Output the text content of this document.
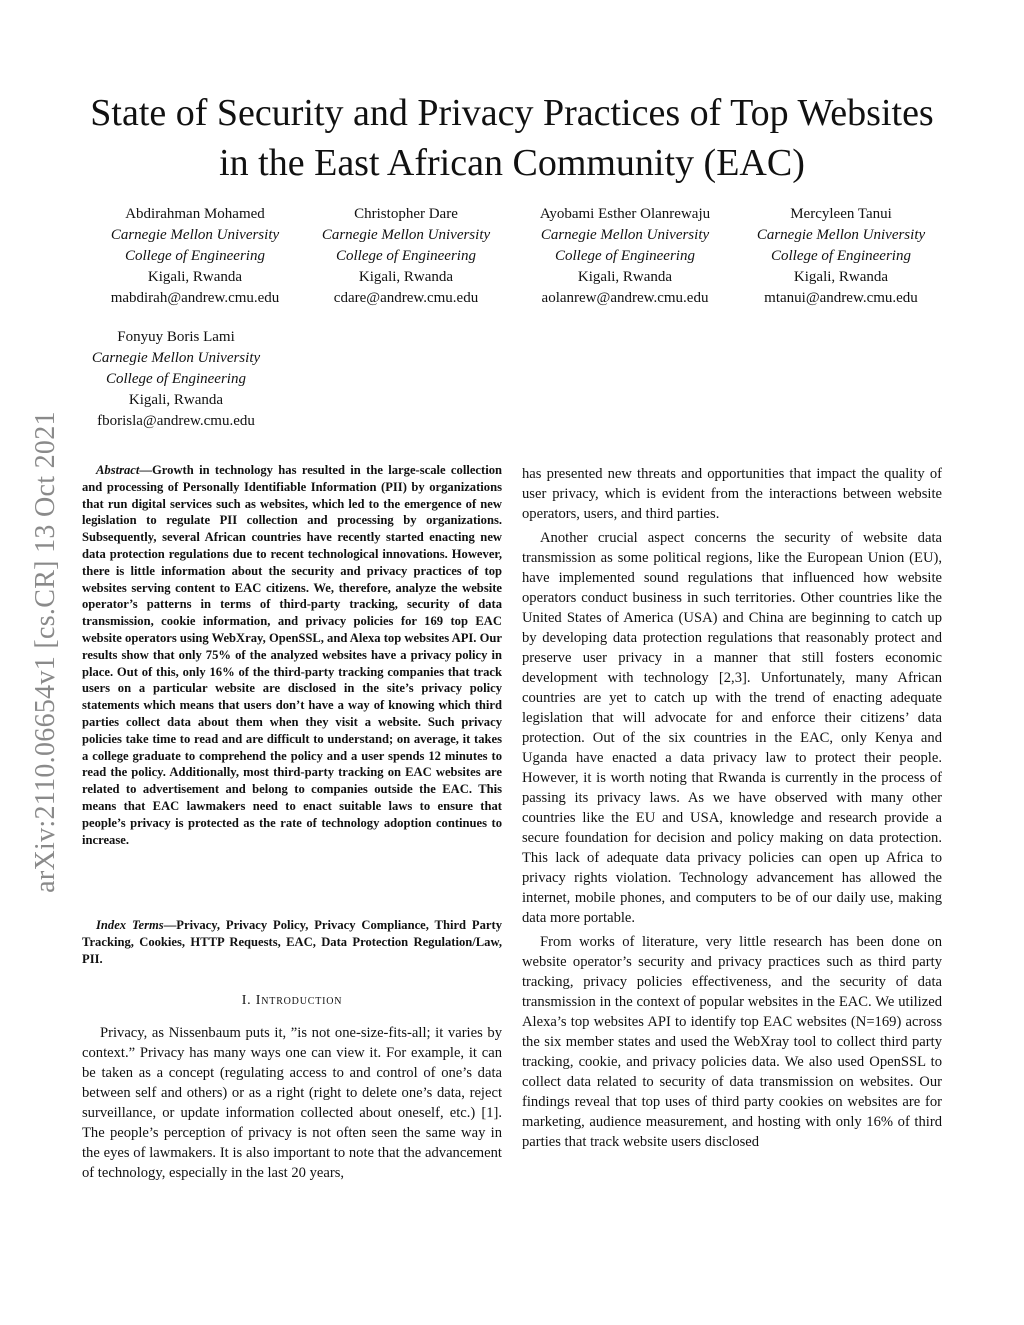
arXiv:2110.06654v1 [cs.CR] 13 Oct 2021
State of Security and Privacy Practices of Top Websites in the East African Community (EAC)
Abdirahman Mohamed
Carnegie Mellon University
College of Engineering
Kigali, Rwanda
mabdirah@andrew.cmu.edu
Christopher Dare
Carnegie Mellon University
College of Engineering
Kigali, Rwanda
cdare@andrew.cmu.edu
Ayobami Esther Olanrewaju
Carnegie Mellon University
College of Engineering
Kigali, Rwanda
aolanrew@andrew.cmu.edu
Mercyleen Tanui
Carnegie Mellon University
College of Engineering
Kigali, Rwanda
mtanui@andrew.cmu.edu
Fonyuy Boris Lami
Carnegie Mellon University
College of Engineering
Kigali, Rwanda
fborisla@andrew.cmu.edu

Abstract—Growth in technology has resulted in the large-scale collection and processing of Personally Identifiable Information (PII) by organizations that run digital services such as websites, which led to the emergence of new legislation to regulate PII collection and processing by organizations. Subsequently, several African countries have recently started enacting new data protection regulations due to recent technological innovations. However, there is little information about the security and privacy practices of top websites serving content to EAC citizens. We, therefore, analyze the website operator’s patterns in terms of third-party tracking, security of data transmission, cookie information, and privacy policies for 169 top EAC website operators using WebXray, OpenSSL, and Alexa top websites API. Our results show that only 75% of the analyzed websites have a privacy policy in place. Out of this, only 16% of the third-party tracking companies that track users on a particular website are disclosed in the site’s privacy policy statements which means that users don’t have a way of knowing which third parties collect data about them when they visit a website. Such privacy policies take time to read and are difficult to understand; on average, it takes a college graduate to comprehend the policy and a user spends 12 minutes to read the policy. Additionally, most third-party tracking on EAC websites are related to advertisement and belong to companies outside the EAC. This means that EAC lawmakers need to enact suitable laws to ensure that people’s privacy is protected as the rate of technology adoption continues to increase.

Index Terms—Privacy, Privacy Policy, Privacy Compliance, Third Party Tracking, Cookies, HTTP Requests, EAC, Data Protection Regulation/Law, PII.

I. Introduction

Privacy, as Nissenbaum puts it, ”is not one-size-fits-all; it varies by context.” Privacy has many ways one can view it. For example, it can be taken as a concept (regulating access to and control of one’s data between self and others) or as a right (right to delete one’s data, reject surveillance, or update information collected about oneself, etc.) [1]. The people’s perception of privacy is not often seen the same way in the eyes of lawmakers. It is also important to note that the advancement of technology, especially in the last 20 years,

has presented new threats and opportunities that impact the quality of user privacy, which is evident from the interactions between website operators, users, and third parties.

Another crucial aspect concerns the security of website data transmission as some political regions, like the European Union (EU), have implemented sound regulations that influenced how website operators conduct business in such territories. Other countries like the United States of America (USA) and China are beginning to catch up by developing data protection regulations that reasonably protect and preserve user privacy in a manner that still fosters economic development with technology [2,3]. Unfortunately, many African countries are yet to catch up with the trend of enacting adequate legislation that will advocate for and enforce their citizens’ data protection. Out of the six countries in the EAC, only Kenya and Uganda have enacted a data privacy law to protect their people. However, it is worth noting that Rwanda is currently in the process of passing its privacy laws. As we have observed with many other countries like the EU and USA, knowledge and research provide a secure foundation for decision and policy making on data protection. This lack of adequate data privacy policies can open up Africa to privacy rights violation. Technology advancement has allowed the internet, mobile phones, and computers to be of our daily use, making data more portable.

From works of literature, very little research has been done on website operator’s security and privacy practices such as third party tracking, privacy policies effectiveness, and the security of data transmission in the context of popular websites in the EAC. We utilized Alexa’s top websites API to identify top EAC websites (N=169) across the six member states and used the WebXray tool to collect third party tracking, cookie, and privacy policies data. We also used OpenSSL to collect data related to security of data transmission on websites. Our findings reveal that top uses of third party cookies on websites are for marketing, audience measurement, and hosting with only 16% of third parties that track website users disclosed
